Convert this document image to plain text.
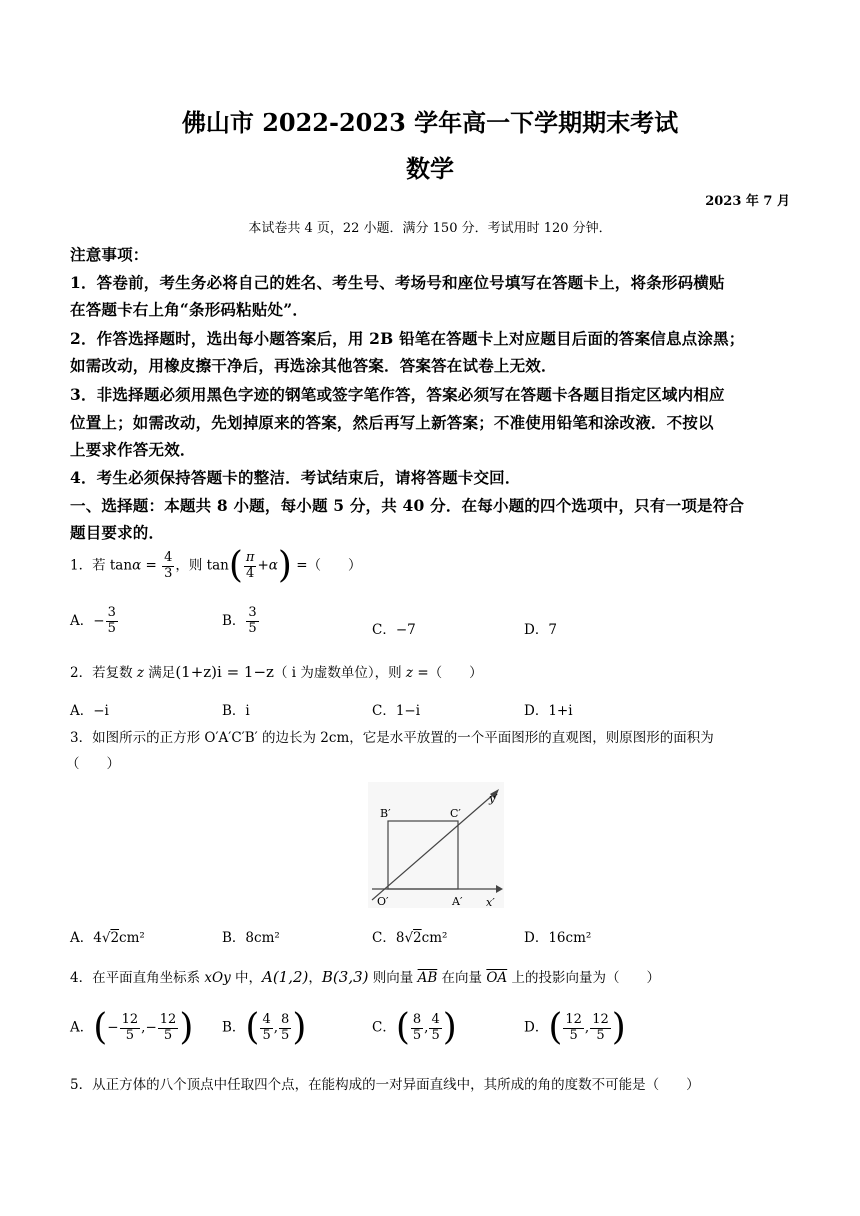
佛山市 2022-2023 学年高一下学期期末考试
数学
2023 年 7 月
本试卷共 4 页，22 小题．满分 150 分．考试用时 120 分钟．
注意事项：
1．答卷前，考生务必将自己的姓名、考生号、考场号和座位号填写在答题卡上，将条形码横贴
在答题卡右上角“条形码粘贴处”．
2．作答选择题时，选出每小题答案后，用 2B 铅笔在答题卡上对应题目后面的答案信息点涂黑；
如需改动，用橡皮擦干净后，再选涂其他答案．答案答在试卷上无效．
3．非选择题必须用黑色字迹的钢笔或签字笔作答，答案必须写在答题卡各题目指定区域内相应
位置上；如需改动，先划掉原来的答案，然后再写上新答案；不准使用铅笔和涂改液．不按以
上要求作答无效．
4．考生必须保持答题卡的整洁．考试结束后，请将答题卡交回．
一、选择题：本题共 8 小题，每小题 5 分，共 40 分．在每小题的四个选项中，只有一项是符合
题目要求的．
1．若 $\tan\alpha = \frac{4}{3}$ ，则 $\tan( \frac{\pi}{4} +\alpha)$ =（　　）
A．− $\frac{3}{5}$	B． $\frac{3}{5}$	C．−7	D．7
2．若复数 z 满足(1+z)i = 1−z（ i 为虚数单位），则 z =（　　）
A．−i	B．i	C．1−i	D．1+i
3．如图所示的正方形 O′A′C′B′ 的边长为 2cm，它是水平放置的一个平面图形的直观图，则原图形的面积为
（　　）
B′	C′
O′	A′ x′
y′
A．4√2cm²	B．8cm²	C．8√2cm²	D．16cm²
4．在平面直角坐标系 xOy 中，A(1,2)，B(3,3) 则向量 $\overline{AB}$ 在向量 $\overline{OA}$ 上的投影向量为（　　）
A．(− $\frac{12}{5}$ ,− $\frac{12}{5}$ ) B．( $\frac{4}{5}$ , $\frac{8}{5}$ )	C．( $\frac{8}{5}$ , $\frac{4}{5}$ )	D．( $\frac{12}{5}$ , $\frac{12}{5}$ )
5．从正方体的八个顶点中任取四个点，在能构成的一对异面直线中，其所成的角的度数不可能是（　　）
